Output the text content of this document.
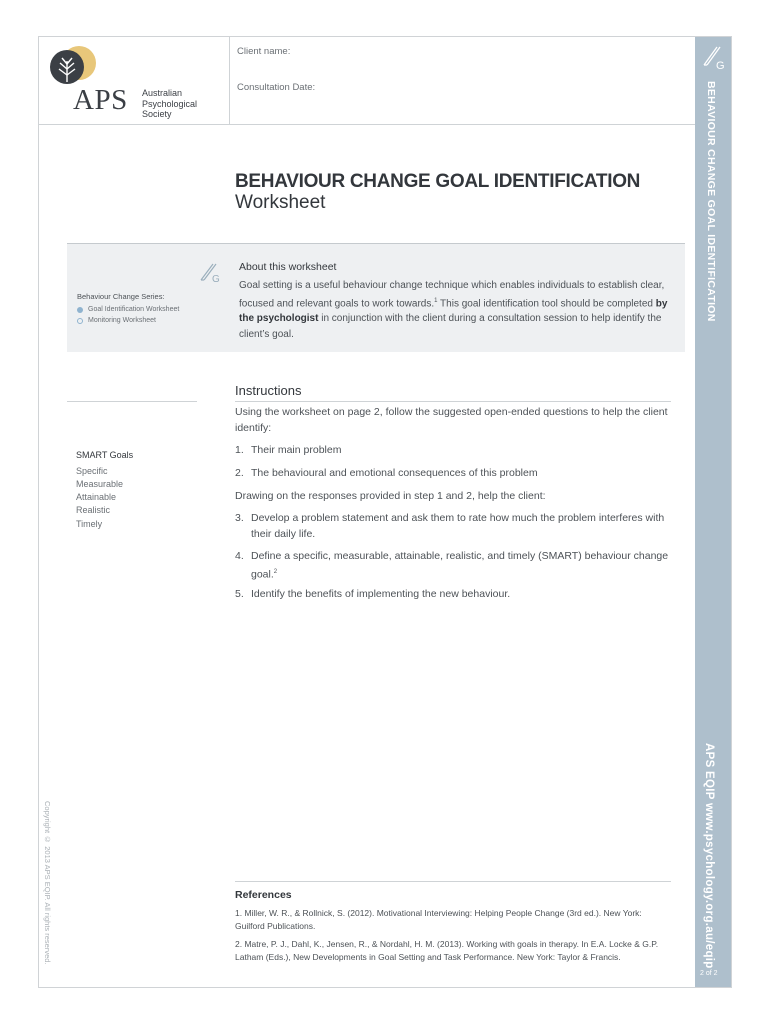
APS Australian
Psychological
Society
Client name:
Consultation Date:
BEHAVIOUR CHANGE GOAL IDENTIFICATION
Worksheet
G
Behaviour Change Series:
Goal Identification Worksheet
Monitoring Worksheet
About this worksheet
Goal setting is a useful behaviour change technique which enables individuals to establish clear, focused and relevant goals to work towards.$^1$ This goal identification tool should be completed by the psychologist in conjunction with the client during a consultation session to help identify the client’s goal.
Instructions
Using the worksheet on page 2, follow the suggested open-ended questions to help the client identify:
1. Their main problem
2. The behavioural and emotional consequences of this problem
Drawing on the responses provided in step 1 and 2, help the client:
3. Develop a problem statement and ask them to rate how much the problem interferes with their daily life.
4. Define a specific, measurable, attainable, realistic, and timely (SMART) behaviour change goal.$^2$
5. Identify the benefits of implementing the new behaviour.
SMART Goals
Specific
Measurable
Attainable
Realistic
Timely
References
1. Miller, W. R., & Rollnick, S. (2012). Motivational Interviewing: Helping People Change (3rd ed.). New York: Guilford Publications.
2. Matre, P. J., Dahl, K., Jensen, R., & Nordahl, H. M. (2013). Working with goals in therapy. In E.A. Locke & G.P. Latham (Eds.), New Developments in Goal Setting and Task Performance. New York: Taylor & Francis.
Copyright © 2013 APS EQIP. All rights reserved.
G
BEHAVIOUR CHANGE GOAL IDENTIFICATION
APS EQIP www.psychology.org.au/eqip
2 of 2
